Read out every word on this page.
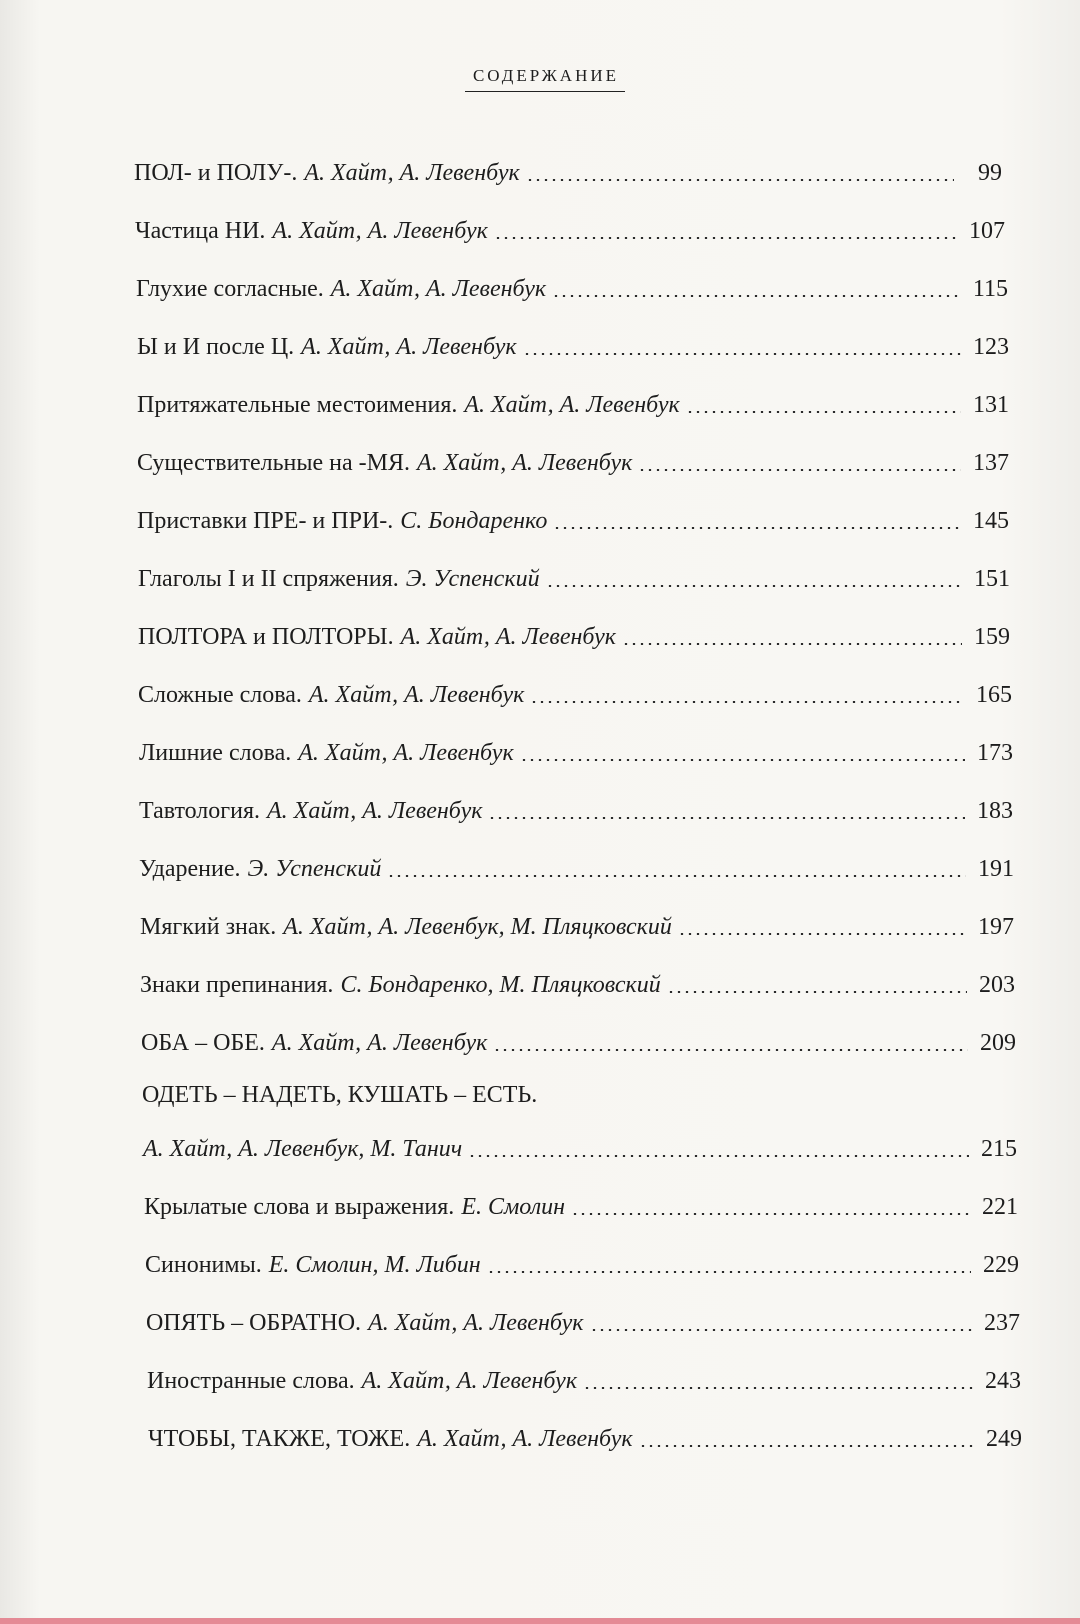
СОДЕРЖАНИЕ
ПОЛ- и ПОЛУ-. А. Хайт, А. Левенбук	99
Частица НИ. А. Хайт, А. Левенбук	107
Глухие согласные. А. Хайт, А. Левенбук	115
Ы и И после Ц. А. Хайт, А. Левенбук	123
Притяжательные местоимения. А. Хайт, А. Левенбук	131
Существительные на -МЯ. А. Хайт, А. Левенбук	137
Приставки ПРЕ- и ПРИ-. С. Бондаренко	145
Глаголы I и II спряжения. Э. Успенский	151
ПОЛТОРА и ПОЛТОРЫ. А. Хайт, А. Левенбук	159
Сложные слова. А. Хайт, А. Левенбук	165
Лишние слова. А. Хайт, А. Левенбук	173
Тавтология. А. Хайт, А. Левенбук	183
Ударение. Э. Успенский	191
Мягкий знак. А. Хайт, А. Левенбук, М. Пляцковский	197
Знаки препинания. С. Бондаренко, М. Пляцковский	203
ОБА – ОБЕ. А. Хайт, А. Левенбук	209
ОДЕТЬ – НАДЕТЬ, КУШАТЬ – ЕСТЬ.
А. Хайт, А. Левенбук, М. Танич	215
Крылатые слова и выражения. Е. Смолин	221
Синонимы. Е. Смолин, М. Либин	229
ОПЯТЬ – ОБРАТНО. А. Хайт, А. Левенбук	237
Иностранные слова. А. Хайт, А. Левенбук	243
ЧТОБЫ, ТАКЖЕ, ТОЖЕ. А. Хайт, А. Левенбук	249
